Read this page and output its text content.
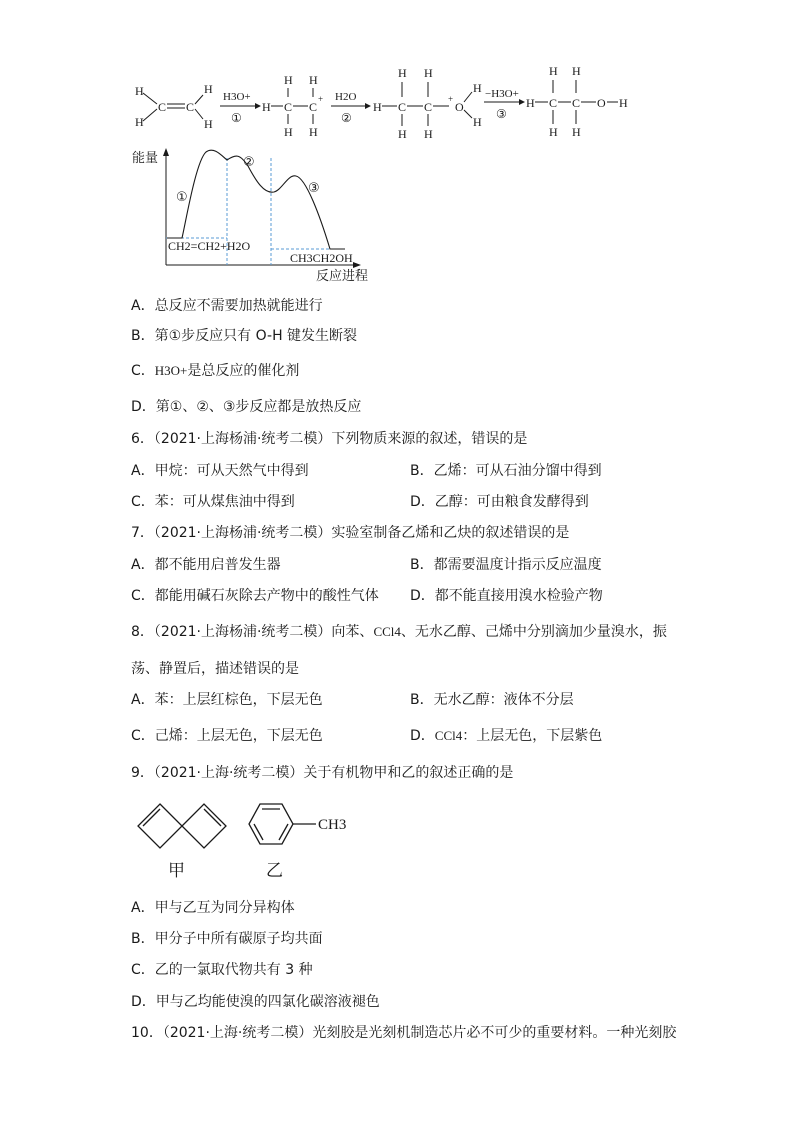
H
H
C C
H
H
H3O+
①
H C
H
H
C
+
H
H
H2O
②
H C
H
H
C
H
H
+
O
H
H
−H3O+
③
H C
H
H
C
H
H
O H
能量
①
②
③
CH2=CH2+H2O
CH3CH2OH
反应进程
A．总反应不需要加热就能进行
B．第①步反应只有 O-H 键发生断裂
C．H3O+是总反应的催化剂
D．第①、②、③步反应都是放热反应
6．（2021·上海杨浦·统考二模）下列物质来源的叙述，错误的是
A．甲烷：可从天然气中得到	B．乙烯：可从石油分馏中得到
C．苯：可从煤焦油中得到	D．乙醇：可由粮食发酵得到
7．（2021·上海杨浦·统考二模）实验室制备乙烯和乙炔的叙述错误的是
A．都不能用启普发生器	B．都需要温度计指示反应温度
C．都能用碱石灰除去产物中的酸性气体 D．都不能直接用溴水检验产物
8．（2021·上海杨浦·统考二模）向苯、CCl4、无水乙醇、己烯中分别滴加少量溴水，振
荡、静置后，描述错误的是
A．苯：上层红棕色，下层无色	B．无水乙醇：液体不分层
C．己烯：上层无色，下层无色	D．CCl4：上层无色，下层紫色
9．（2021·上海·统考二模）关于有机物甲和乙的叙述正确的是
甲
CH3
乙
A．甲与乙互为同分异构体
B．甲分子中所有碳原子均共面
C．乙的一氯取代物共有 3 种
D．甲与乙均能使溴的四氯化碳溶液褪色
10．（2021·上海·统考二模）光刻胶是光刻机制造芯片必不可少的重要材料。一种光刻胶
